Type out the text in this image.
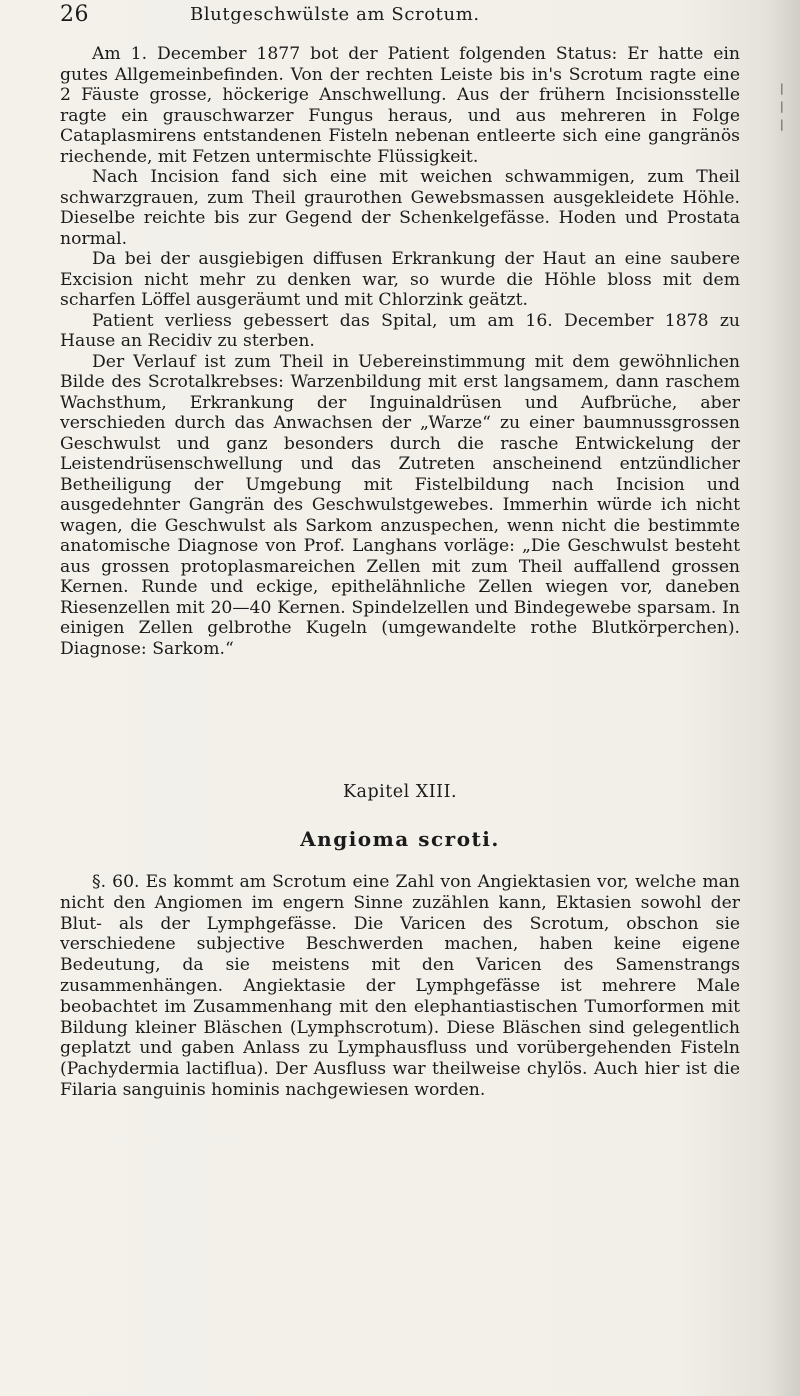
26	Blutgeschwülste am Scrotum.

Am 1. December 1877 bot der Patient folgenden Status: Er hatte ein gutes Allgemeinbefinden. Von der rechten Leiste bis in's Scrotum ragte eine 2 Fäuste grosse, höckerige Anschwellung. Aus der frühern Incisionsstelle ragte ein grauschwarzer Fungus heraus, und aus mehreren in Folge Cataplasmirens entstandenen Fisteln nebenan entleerte sich eine gangränös riechende, mit Fetzen untermischte Flüssigkeit.

Nach Incision fand sich eine mit weichen schwammigen, zum Theil schwarzgrauen, zum Theil graurothen Gewebsmassen ausgekleidete Höhle. Dieselbe reichte bis zur Gegend der Schenkelgefässe. Hoden und Prostata normal.

Da bei der ausgiebigen diffusen Erkrankung der Haut an eine saubere Excision nicht mehr zu denken war, so wurde die Höhle bloss mit dem scharfen Löffel ausgeräumt und mit Chlorzink geätzt.

Patient verliess gebessert das Spital, um am 16. December 1878 zu Hause an Recidiv zu sterben.

Der Verlauf ist zum Theil in Uebereinstimmung mit dem gewöhnlichen Bilde des Scrotalkrebses: Warzenbildung mit erst langsamem, dann raschem Wachsthum, Erkrankung der Inguinaldrüsen und Aufbrüche, aber verschieden durch das Anwachsen der „Warze“ zu einer baumnussgrossen Geschwulst und ganz besonders durch die rasche Entwickelung der Leistendrüsenschwellung und das Zutreten anscheinend entzündlicher Betheiligung der Umgebung mit Fistelbildung nach Incision und ausgedehnter Gangrän des Geschwulstgewebes. Immerhin würde ich nicht wagen, die Geschwulst als Sarkom anzuspechen, wenn nicht die bestimmte anatomische Diagnose von Prof. Langhans vorläge: „Die Geschwulst besteht aus grossen protoplasmareichen Zellen mit zum Theil auffallend grossen Kernen. Runde und eckige, epithelähnliche Zellen wiegen vor, daneben Riesenzellen mit 20—40 Kernen. Spindelzellen und Bindegewebe sparsam. In einigen Zellen gelbrothe Kugeln (umgewandelte rothe Blutkörperchen). Diagnose: Sarkom.“

Kapitel XIII.
Angioma scroti.

§. 60. Es kommt am Scrotum eine Zahl von Angiektasien vor, welche man nicht den Angiomen im engern Sinne zuzählen kann, Ektasien sowohl der Blut- als der Lymphgefässe. Die Varicen des Scrotum, obschon sie verschiedene subjective Beschwerden machen, haben keine eigene Bedeutung, da sie meistens mit den Varicen des Samenstrangs zusammenhängen. Angiektasie der Lymphgefässe ist mehrere Male beobachtet im Zusammenhang mit den elephantiastischen Tumorformen mit Bildung kleiner Bläschen (Lymphscrotum). Diese Bläschen sind gelegentlich geplatzt und gaben Anlass zu Lymphausfluss und vorübergehenden Fisteln (Pachydermia lactiflua). Der Ausfluss war theilweise chylös. Auch hier ist die Filaria sanguinis hominis nachgewiesen worden.

|
|
|
